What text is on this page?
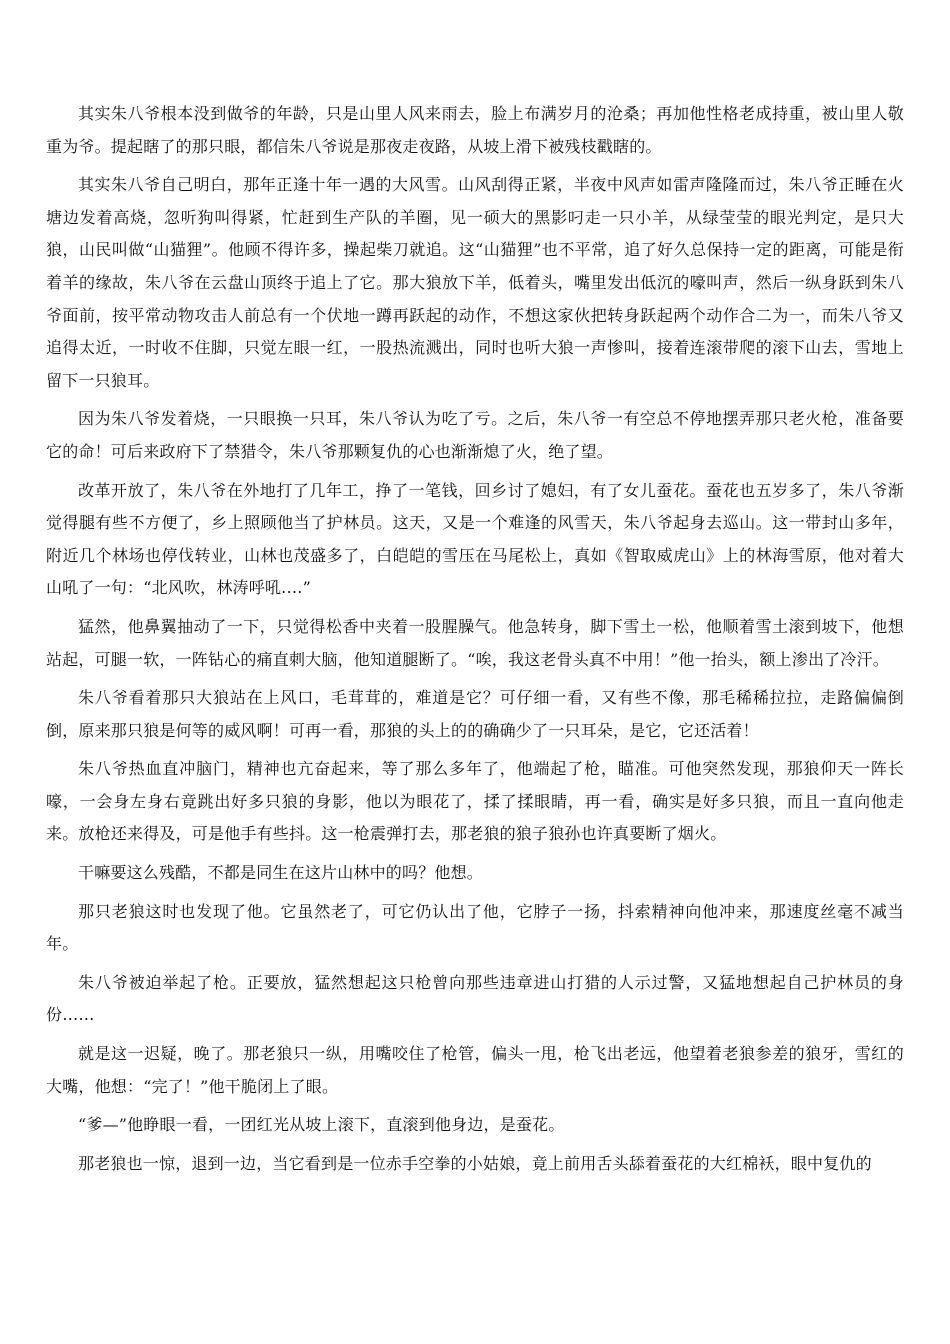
其实朱八爷根本没到做爷的年龄，只是山里人风来雨去，脸上布满岁月的沧桑；再加他性格老成持重，被山里人敬重为爷。提起瞎了的那只眼，都信朱八爷说是那夜走夜路，从坡上滑下被残枝戳瞎的。

其实朱八爷自己明白，那年正逢十年一遇的大风雪。山风刮得正紧，半夜中风声如雷声隆隆而过，朱八爷正睡在火塘边发着高烧，忽听狗叫得紧，忙赶到生产队的羊圈，见一硕大的黑影叼走一只小羊，从绿莹莹的眼光判定，是只大狼，山民叫做“山猫狸”。他顾不得许多，操起柴刀就追。这“山猫狸”也不平常，追了好久总保持一定的距离，可能是衔着羊的缘故，朱八爷在云盘山顶终于追上了它。那大狼放下羊，低着头，嘴里发出低沉的嚎叫声，然后一纵身跃到朱八爷面前，按平常动物攻击人前总有一个伏地一蹲再跃起的动作，不想这家伙把转身跃起两个动作合二为一，而朱八爷又追得太近，一时收不住脚，只觉左眼一红，一股热流溅出，同时也听大狼一声惨叫，接着连滚带爬的滚下山去，雪地上留下一只狼耳。

因为朱八爷发着烧，一只眼换一只耳，朱八爷认为吃了亏。之后，朱八爷一有空总不停地摆弄那只老火枪，准备要它的命！可后来政府下了禁猎令，朱八爷那颗复仇的心也渐渐熄了火，绝了望。

改革开放了，朱八爷在外地打了几年工，挣了一笔钱，回乡讨了媳妇，有了女儿蚕花。蚕花也五岁多了，朱八爷渐觉得腿有些不方便了，乡上照顾他当了护林员。这天，又是一个难逢的风雪天，朱八爷起身去巡山。这一带封山多年，附近几个林场也停伐转业，山林也茂盛多了，白皑皑的雪压在马尾松上，真如《智取威虎山》上的林海雪原，他对着大山吼了一句：“北风吹，林涛呼吼.…”

猛然，他鼻翼抽动了一下，只觉得松香中夹着一股腥臊气。他急转身，脚下雪土一松，他顺着雪土滚到坡下，他想站起，可腿一软，一阵钻心的痛直刺大脑，他知道腿断了。“唉，我这老骨头真不中用！”他一抬头，额上渗出了冷汗。

朱八爷看着那只大狼站在上风口，毛茸茸的，难道是它？可仔细一看，又有些不像，那毛稀稀拉拉，走路偏偏倒倒，原来那只狼是何等的威风啊！可再一看，那狼的头上的的确确少了一只耳朵，是它，它还活着！

朱八爷热血直冲脑门，精神也亢奋起来，等了那么多年了，他端起了枪，瞄准。可他突然发现，那狼仰天一阵长嚎，一会身左身右竟跳出好多只狼的身影，他以为眼花了，揉了揉眼睛，再一看，确实是好多只狼，而且一直向他走来。放枪还来得及，可是他手有些抖。这一枪震弹打去，那老狼的狼子狼孙也许真要断了烟火。

干嘛要这么残酷，不都是同生在这片山林中的吗？他想。

那只老狼这时也发现了他。它虽然老了，可它仍认出了他，它脖子一扬，抖索精神向他冲来，那速度丝毫不减当年。

朱八爷被迫举起了枪。正要放，猛然想起这只枪曾向那些违章进山打猎的人示过警，又猛地想起自己护林员的身份……

就是这一迟疑，晚了。那老狼只一纵，用嘴咬住了枪管，偏头一甩，枪飞出老远，他望着老狼参差的狼牙，雪红的大嘴，他想：“完了！”他干脆闭上了眼。

“爹—”他睁眼一看，一团红光从坡上滚下，直滚到他身边，是蚕花。

那老狼也一惊，退到一边，当它看到是一位赤手空拳的小姑娘，竟上前用舌头舔着蚕花的大红棉袄，眼中复仇的
